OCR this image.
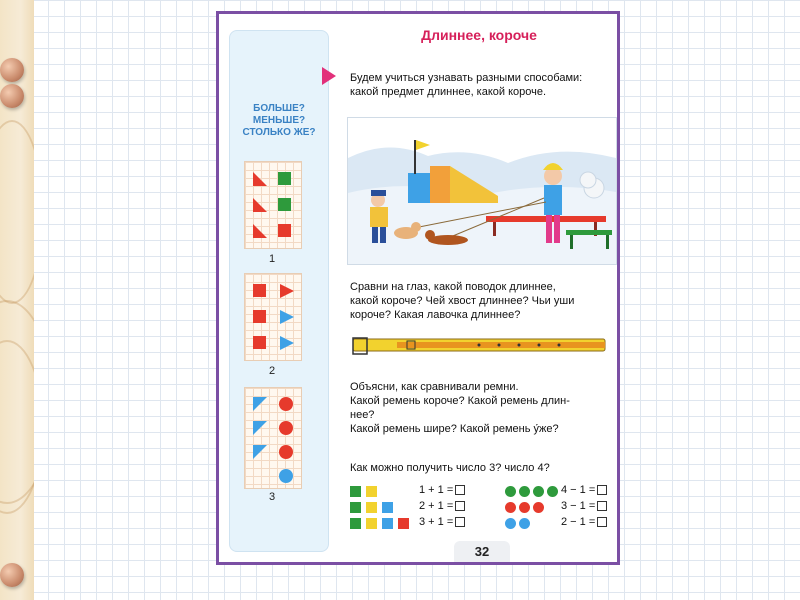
БОЛЬШЕ?
МЕНЬШЕ?
СТОЛЬКО ЖЕ?
1
2
3
Длиннее, короче
Будем учиться узнавать разными способами:
какой предмет длиннее, какой короче.
Сравни на глаз, какой поводок длиннее,
какой короче? Чей хвост длиннее? Чьи уши
короче? Какая лавочка длиннее?
Объясни, как сравнивали ремни.
Какой ремень короче? Какой ремень длин-
нее?
Какой ремень шире? Какой ремень у́же?
Как можно получить число 3? число 4?
1 + 1 =
2 + 1 =
3 + 1 =
4 − 1 =
3 − 1 =
2 − 1 =
32
